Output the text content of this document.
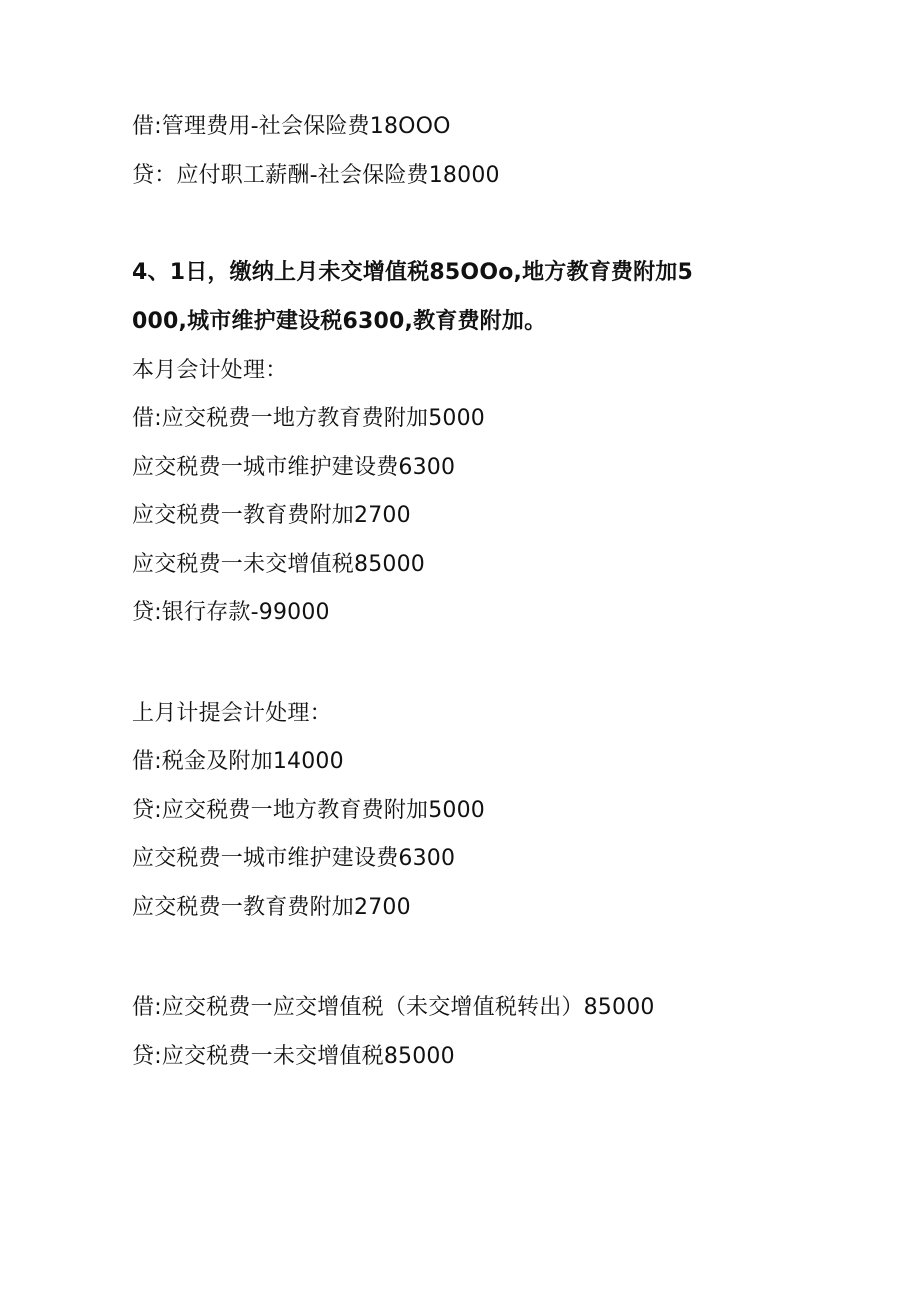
借:管理费用-社会保险费18OOO
贷：应付职工薪酬-社会保险费18000
4、1日，缴纳上月未交增值税85OOo,地方教育费附加5
000,城市维护建设税6300,教育费附加。
本月会计处理：
借:应交税费一地方教育费附加5000
应交税费一城市维护建设费6300
应交税费一教育费附加2700
应交税费一未交增值税85000
贷:银行存款-99000
上月计提会计处理：
借:税金及附加14000
贷:应交税费一地方教育费附加5000
应交税费一城市维护建设费6300
应交税费一教育费附加2700
借:应交税费一应交增值税（未交增值税转出）85000
贷:应交税费一未交增值税85000
